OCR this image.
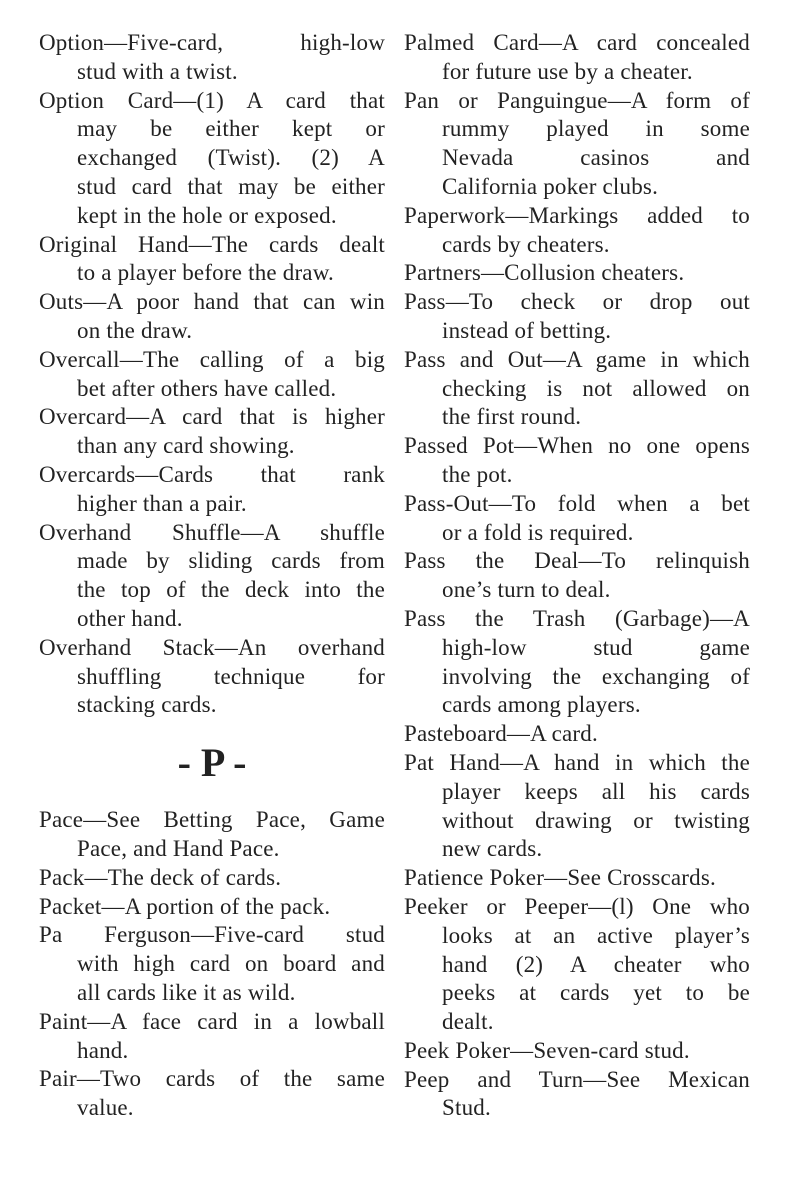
Option—Five-card, high-low
stud with a twist.
Option Card—(1) A card that
may be either kept or
exchanged (Twist). (2) A
stud card that may be either
kept in the hole or exposed.
Original Hand—The cards dealt
to a player before the draw.
Outs—A poor hand that can win
on the draw.
Overcall—The calling of a big
bet after others have called.
Overcard—A card that is higher
than any card showing.
Overcards—Cards that rank
higher than a pair.
Overhand Shuffle—A shuffle
made by sliding cards from
the top of the deck into the
other hand.
Overhand Stack—An overhand
shuffling technique for
stacking cards.
- P -
Pace—See Betting Pace, Game
Pace, and Hand Pace.
Pack—The deck of cards.
Packet—A portion of the pack.
Pa Ferguson—Five-card stud
with high card on board and
all cards like it as wild.
Paint—A face card in a lowball
hand.
Pair—Two cards of the same
value.
Palmed Card—A card concealed
for future use by a cheater.
Pan or Panguingue—A form of
rummy played in some
Nevada casinos and
California poker clubs.
Paperwork—Markings added to
cards by cheaters.
Partners—Collusion cheaters.
Pass—To check or drop out
instead of betting.
Pass and Out—A game in which
checking is not allowed on
the first round.
Passed Pot—When no one opens
the pot.
Pass-Out—To fold when a bet
or a fold is required.
Pass the Deal—To relinquish
one’s turn to deal.
Pass the Trash (Garbage)—A
high-low stud game
involving the exchanging of
cards among players.
Pasteboard—A card.
Pat Hand—A hand in which the
player keeps all his cards
without drawing or twisting
new cards.
Patience Poker—See Crosscards.
Peeker or Peeper—(l) One who
looks at an active player’s
hand (2) A cheater who
peeks at cards yet to be
dealt.
Peek Poker—Seven-card stud.
Peep and Turn—See Mexican
Stud.
